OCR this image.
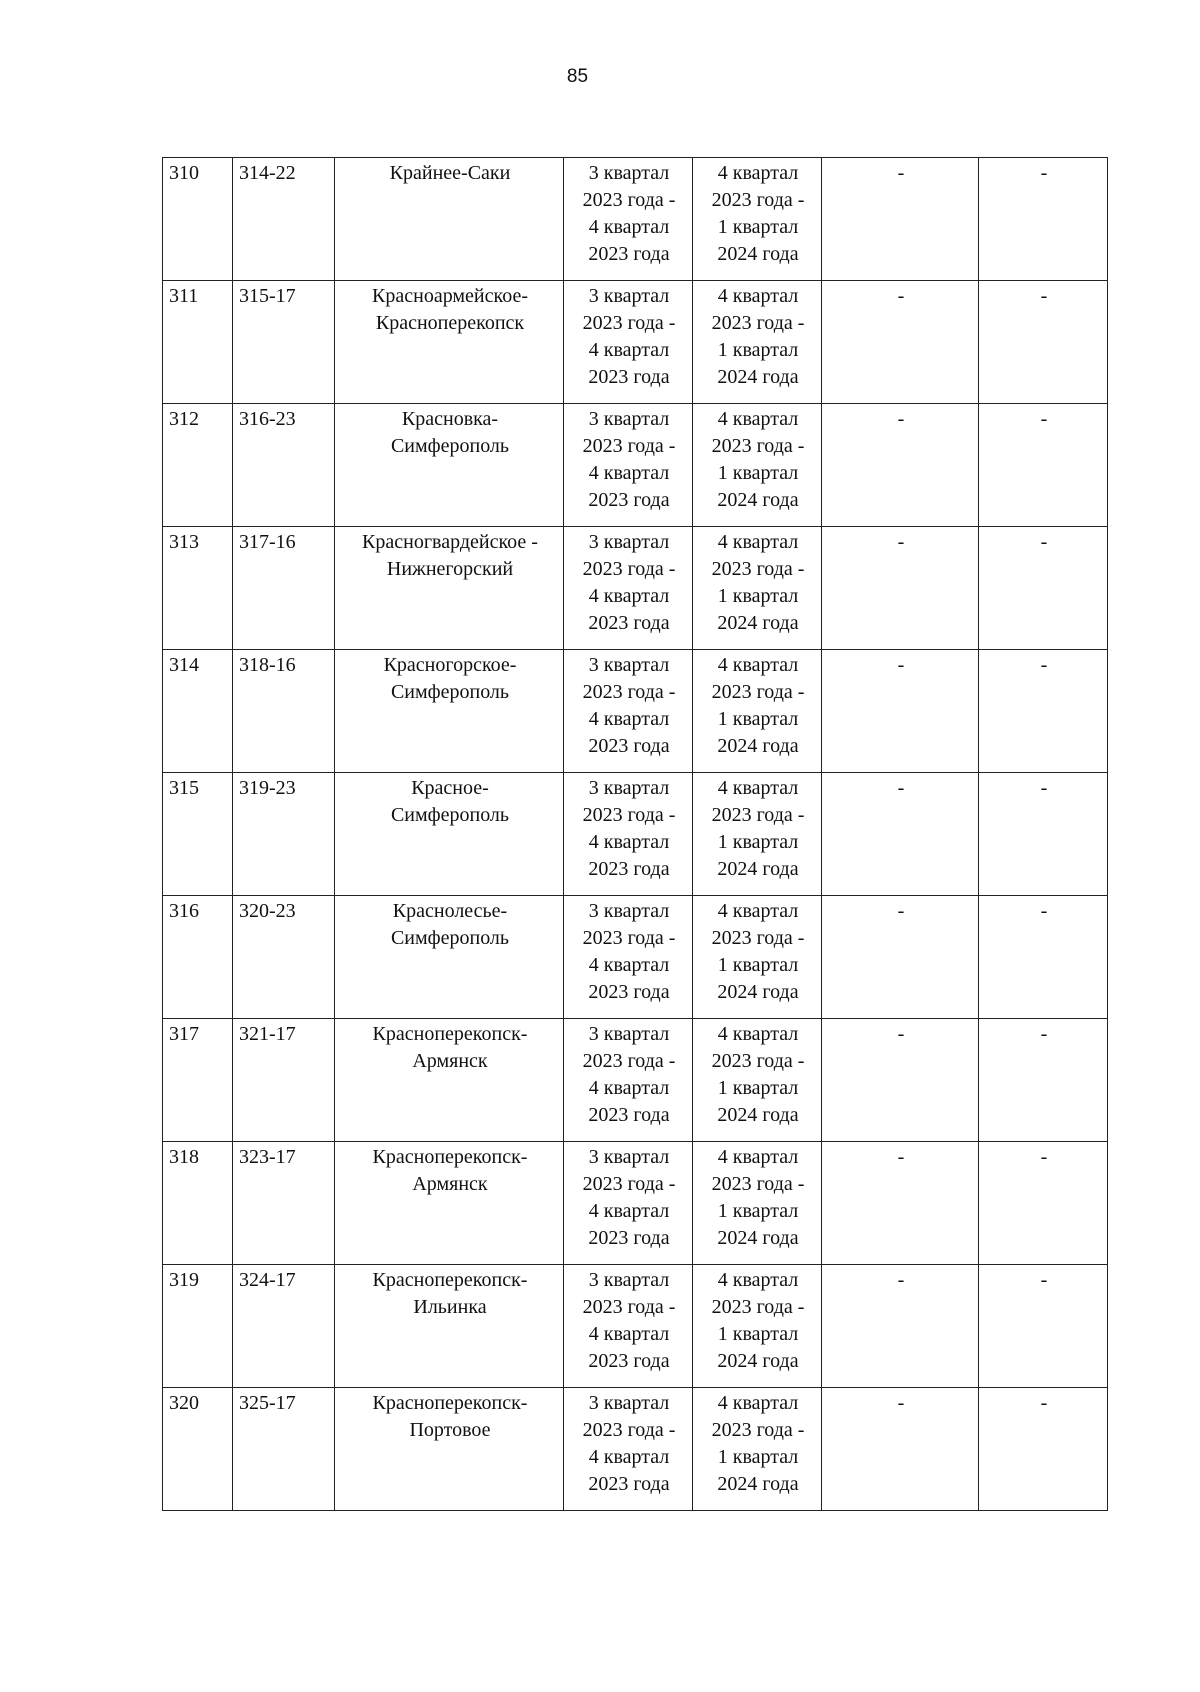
85
310	314-22	Крайнее-Саки	3 квартал
2023 года -
4 квартал
2023 года	4 квартал
2023 года -
1 квартал
2024 года	-	-

311	315-17	Красноармейское-
Красноперекопск	3 квартал
2023 года -
4 квартал
2023 года	4 квартал
2023 года -
1 квартал
2024 года	-	-

312	316-23	Красновка-
Симферополь	3 квартал
2023 года -
4 квартал
2023 года	4 квартал
2023 года -
1 квартал
2024 года	-	-

313	317-16	Красногвардейское -
Нижнегорский	3 квартал
2023 года -
4 квартал
2023 года	4 квартал
2023 года -
1 квартал
2024 года	-	-

314	318-16	Красногорское-
Симферополь	3 квартал
2023 года -
4 квартал
2023 года	4 квартал
2023 года -
1 квартал
2024 года	-	-

315	319-23	Красное-
Симферополь	3 квартал
2023 года -
4 квартал
2023 года	4 квартал
2023 года -
1 квартал
2024 года	-	-

316	320-23	Краснолесье-
Симферополь	3 квартал
2023 года -
4 квартал
2023 года	4 квартал
2023 года -
1 квартал
2024 года	-	-

317	321-17	Красноперекопск-
Армянск	3 квартал
2023 года -
4 квартал
2023 года	4 квартал
2023 года -
1 квартал
2024 года	-	-

318	323-17	Красноперекопск-
Армянск	3 квартал
2023 года -
4 квартал
2023 года	4 квартал
2023 года -
1 квартал
2024 года	-	-

319	324-17	Красноперекопск-
Ильинка	3 квартал
2023 года -
4 квартал
2023 года	4 квартал
2023 года -
1 квартал
2024 года	-	-

320	325-17	Красноперекопск-
Портовое	3 квартал
2023 года -
4 квартал
2023 года	4 квартал
2023 года -
1 квартал
2024 года	-	-
